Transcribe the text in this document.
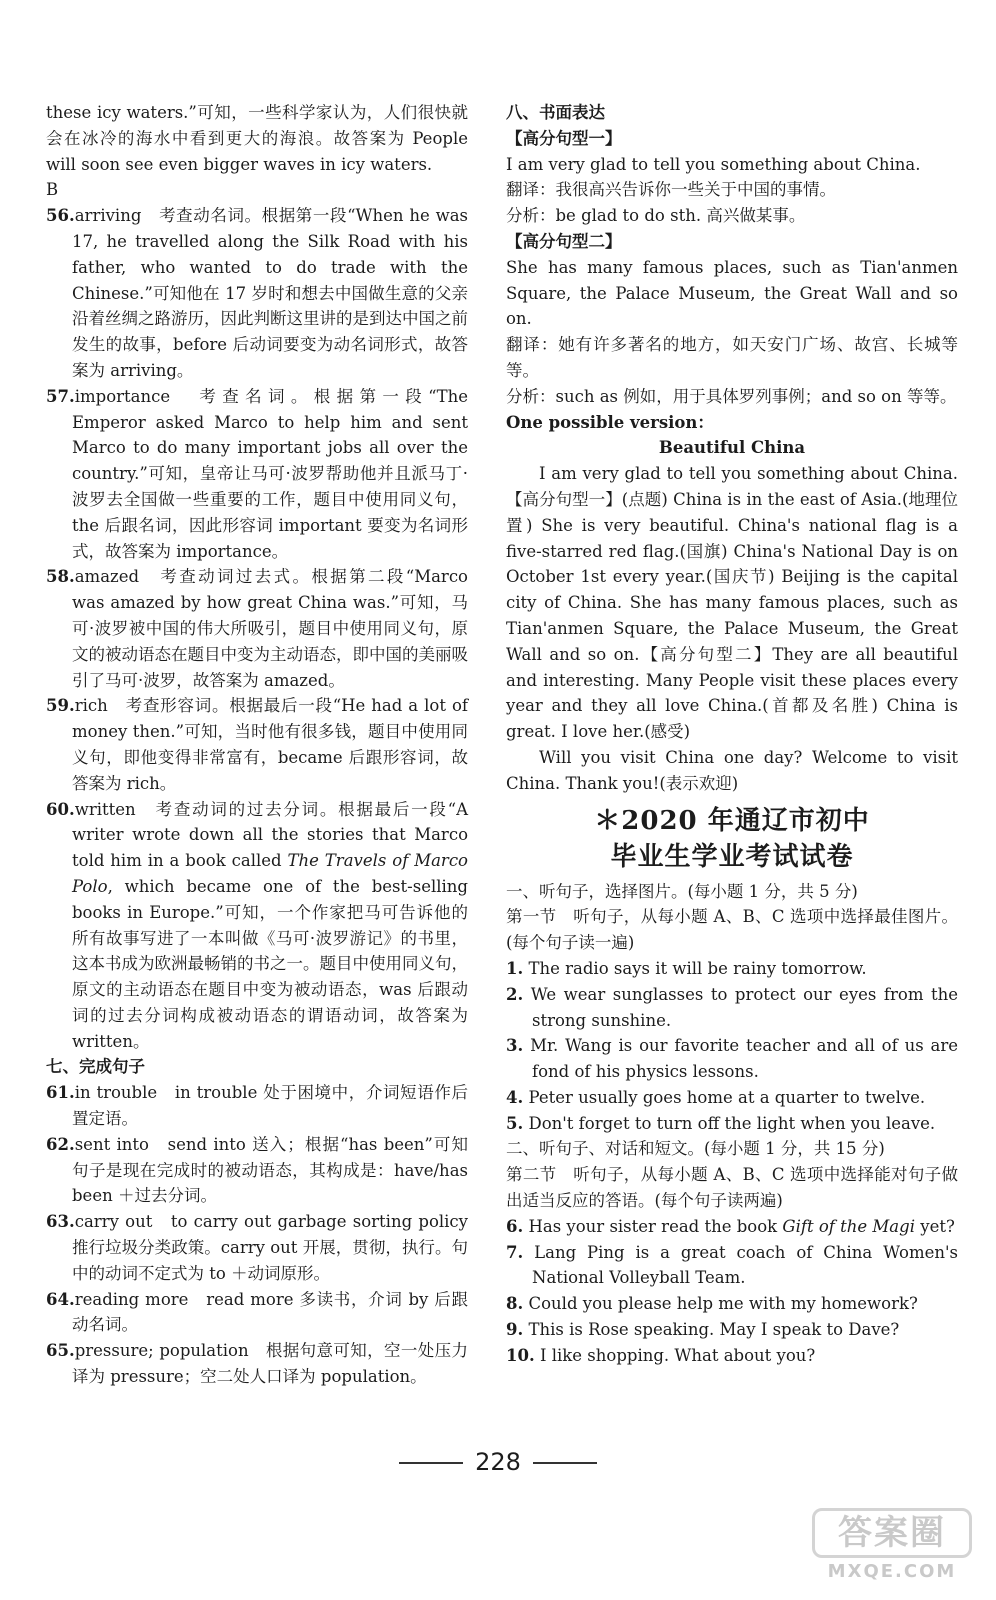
these icy waters.”可知，一些科学家认为，人们很快就会在冰冷的海水中看到更大的海浪。故答案为 People will soon see even bigger waves in icy waters.

B

56.arriving　考查动名词。根据第一段“When he was 17, he travelled along the Silk Road with his father, who wanted to do trade with the Chinese.”可知他在 17 岁时和想去中国做生意的父亲沿着丝绸之路游历，因此判断这里讲的是到达中国之前发生的故事，before 后动词要变为动名词形式，故答案为 arriving。

57.importance　考查名词。根据第一段“The Emperor asked Marco to help him and sent Marco to do many important jobs all over the country.”可知，皇帝让马可·波罗帮助他并且派马丁·波罗去全国做一些重要的工作，题目中使用同义句，the 后跟名词，因此形容词 important 要变为名词形式，故答案为 importance。

58.amazed　考查动词过去式。根据第二段“Marco was amazed by how great China was.”可知，马可·波罗被中国的伟大所吸引，题目中使用同义句，原文的被动语态在题目中变为主动语态，即中国的美丽吸引了马可·波罗，故答案为 amazed。

59.rich　考查形容词。根据最后一段“He had a lot of money then.”可知，当时他有很多钱，题目中使用同义句，即他变得非常富有，became 后跟形容词，故答案为 rich。

60.written　考查动词的过去分词。根据最后一段“A writer wrote down all the stories that Marco told him in a book called The Travels of Marco Polo, which became one of the best-selling books in Europe.”可知，一个作家把马可告诉他的所有故事写进了一本叫做《马可·波罗游记》的书里，这本书成为欧洲最畅销的书之一。题目中使用同义句，原文的主动语态在题目中变为被动语态，was 后跟动词的过去分词构成被动语态的谓语动词，故答案为 written。

七、完成句子

61.in trouble　in trouble 处于困境中，介词短语作后置定语。

62.sent into　send into 送入；根据“has been”可知句子是现在完成时的被动语态，其构成是：have/has been ＋过去分词。

63.carry out　to carry out garbage sorting policy 推行垃圾分类政策。carry out 开展，贯彻，执行。句中的动词不定式为 to ＋动词原形。

64.reading more　read more 多读书，介词 by 后跟动名词。

65.pressure; population　根据句意可知，空一处压力译为 pressure；空二处人口译为 population。

八、书面表达

【高分句型一】

I am very glad to tell you something about China.

翻译：我很高兴告诉你一些关于中国的事情。

分析：be glad to do sth. 高兴做某事。

【高分句型二】

She has many famous places, such as Tian'anmen Square, the Palace Museum, the Great Wall and so on.

翻译：她有许多著名的地方，如天安门广场、故宫、长城等等。

分析：such as 例如，用于具体罗列事例；and so on 等等。

One possible version：

Beautiful China

I am very glad to tell you something about China.【高分句型一】(点题) China is in the east of Asia.(地理位置) She is very beautiful. China's national flag is a five-starred red flag.(国旗) China's National Day is on October 1st every year.(国庆节) Beijing is the capital city of China. She has many famous places, such as Tian'anmen Square, the Palace Museum, the Great Wall and so on.【高分句型二】They are all beautiful and interesting. Many People visit these places every year and they all love China.(首都及名胜) China is great. I love her.(感受)

Will you visit China one day? Welcome to visit China. Thank you!(表示欢迎)

＊2020 年通辽市初中
毕业生学业考试试卷

一、听句子，选择图片。(每小题 1 分，共 5 分)

第一节　听句子，从每小题 A、B、C 选项中选择最佳图片。(每个句子读一遍)

1. The radio says it will be rainy tomorrow.

2. We wear sunglasses to protect our eyes from the strong sunshine.

3. Mr. Wang is our favorite teacher and all of us are fond of his physics lessons.

4. Peter usually goes home at a quarter to twelve.

5. Don't forget to turn off the light when you leave.

二、听句子、对话和短文。(每小题 1 分，共 15 分)

第二节　听句子，从每小题 A、B、C 选项中选择能对句子做出适当反应的答语。(每个句子读两遍)

6. Has your sister read the book Gift of the Magi yet?

7. Lang Ping is a great coach of China Women's National Volleyball Team.

8. Could you please help me with my homework?

9. This is Rose speaking. May I speak to Dave?

10. I like shopping. What about you?

228
答案圈
MXQE.COM
